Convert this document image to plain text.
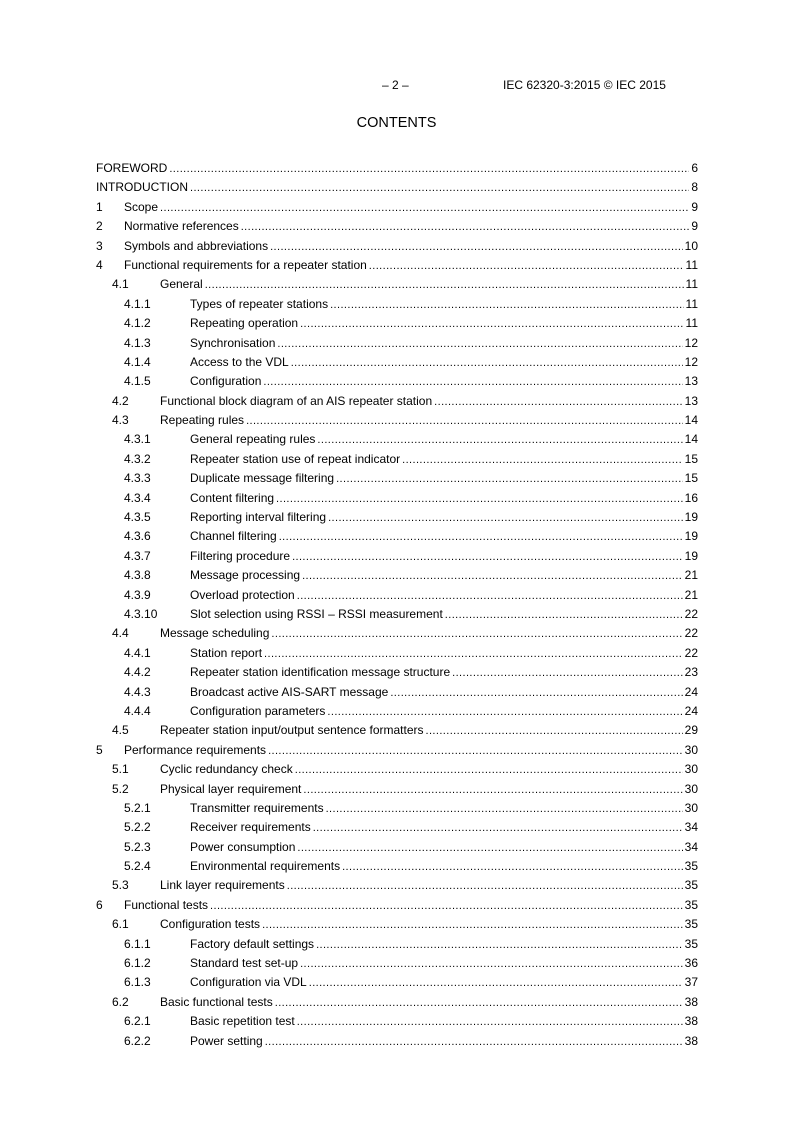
– 2 –	IEC 62320-3:2015 © IEC 2015
CONTENTS
FOREWORD .....	6
INTRODUCTION .....	8
1	Scope .....	9
2	Normative references .....	9
3	Symbols and abbreviations .....	10
4	Functional requirements for a repeater station .....	11
4.1	General .....	11
4.1.1	Types of repeater stations .....	11
4.1.2	Repeating operation .....	11
4.1.3	Synchronisation .....	12
4.1.4	Access to the VDL .....	12
4.1.5	Configuration .....	13
4.2	Functional block diagram of an AIS repeater station .....	13
4.3	Repeating rules .....	14
4.3.1	General repeating rules .....	14
4.3.2	Repeater station use of repeat indicator .....	15
4.3.3	Duplicate message filtering .....	15
4.3.4	Content filtering .....	16
4.3.5	Reporting interval filtering .....	19
4.3.6	Channel filtering .....	19
4.3.7	Filtering procedure .....	19
4.3.8	Message processing .....	21
4.3.9	Overload protection .....	21
4.3.10	Slot selection using RSSI – RSSI measurement .....	22
4.4	Message scheduling .....	22
4.4.1	Station report .....	22
4.4.2	Repeater station identification message structure .....	23
4.4.3	Broadcast active AIS-SART message .....	24
4.4.4	Configuration parameters .....	24
4.5	Repeater station input/output sentence formatters .....	29
5	Performance requirements .....	30
5.1	Cyclic redundancy check .....	30
5.2	Physical layer requirement .....	30
5.2.1	Transmitter requirements .....	30
5.2.2	Receiver requirements .....	34
5.2.3	Power consumption .....	34
5.2.4	Environmental requirements .....	35
5.3	Link layer requirements .....	35
6	Functional tests .....	35
6.1	Configuration tests .....	35
6.1.1	Factory default settings .....	35
6.1.2	Standard test set-up .....	36
6.1.3	Configuration via VDL .....	37
6.2	Basic functional tests .....	38
6.2.1	Basic repetition test .....	38
6.2.2	Power setting .....	38
